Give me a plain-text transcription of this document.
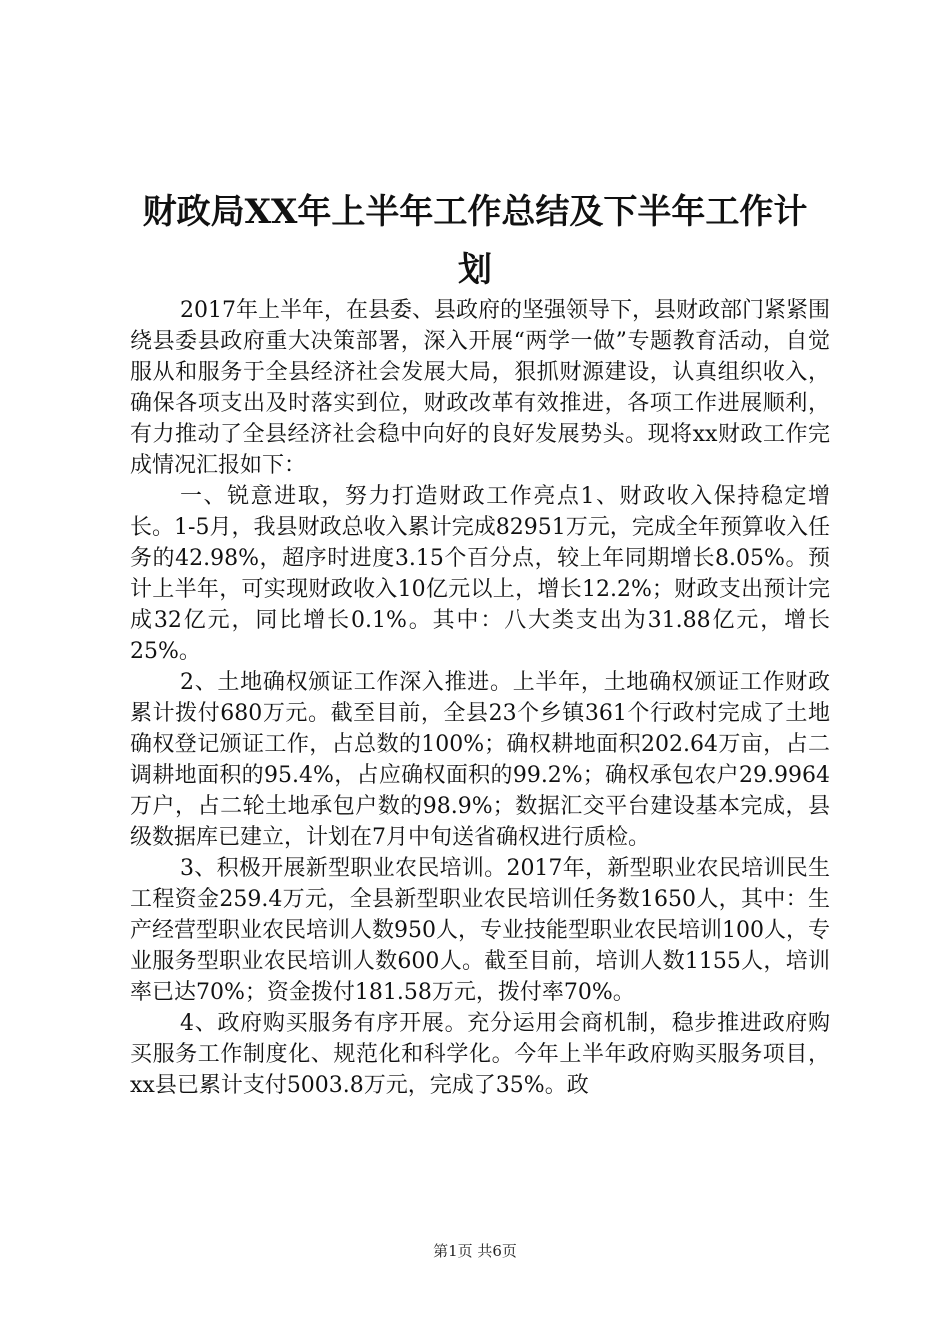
财政局XX年上半年工作总结及下半年工作计划

2017年上半年，在县委、县政府的坚强领导下，县财政部门紧紧围绕县委县政府重大决策部署，深入开展“两学一做”专题教育活动，自觉服从和服务于全县经济社会发展大局，狠抓财源建设，认真组织收入，确保各项支出及时落实到位，财政改革有效推进，各项工作进展顺利，有力推动了全县经济社会稳中向好的良好发展势头。现将xx财政工作完成情况汇报如下：

一、锐意进取，努力打造财政工作亮点1、财政收入保持稳定增长。1-5月，我县财政总收入累计完成82951万元，完成全年预算收入任务的42.98%，超序时进度3.15个百分点，较上年同期增长8.05%。预计上半年，可实现财政收入10亿元以上，增长12.2%；财政支出预计完成32亿元，同比增长0.1%。其中：八大类支出为31.88亿元，增长25%。

2、土地确权颁证工作深入推进。上半年，土地确权颁证工作财政累计拨付680万元。截至目前，全县23个乡镇361个行政村完成了土地确权登记颁证工作，占总数的100%；确权耕地面积202.64万亩，占二调耕地面积的95.4%，占应确权面积的99.2%；确权承包农户29.9964万户，占二轮土地承包户数的98.9%；数据汇交平台建设基本完成，县级数据库已建立，计划在7月中旬送省确权进行质检。

3、积极开展新型职业农民培训。2017年，新型职业农民培训民生工程资金259.4万元，全县新型职业农民培训任务数1650人，其中：生产经营型职业农民培训人数950人，专业技能型职业农民培训100人，专业服务型职业农民培训人数600人。截至目前，培训人数1155人，培训率已达70%；资金拨付181.58万元，拨付率70%。

4、政府购买服务有序开展。充分运用会商机制，稳步推进政府购买服务工作制度化、规范化和科学化。今年上半年政府购买服务项目，xx县已累计支付5003.8万元，完成了35%。政

第1页 共6页
